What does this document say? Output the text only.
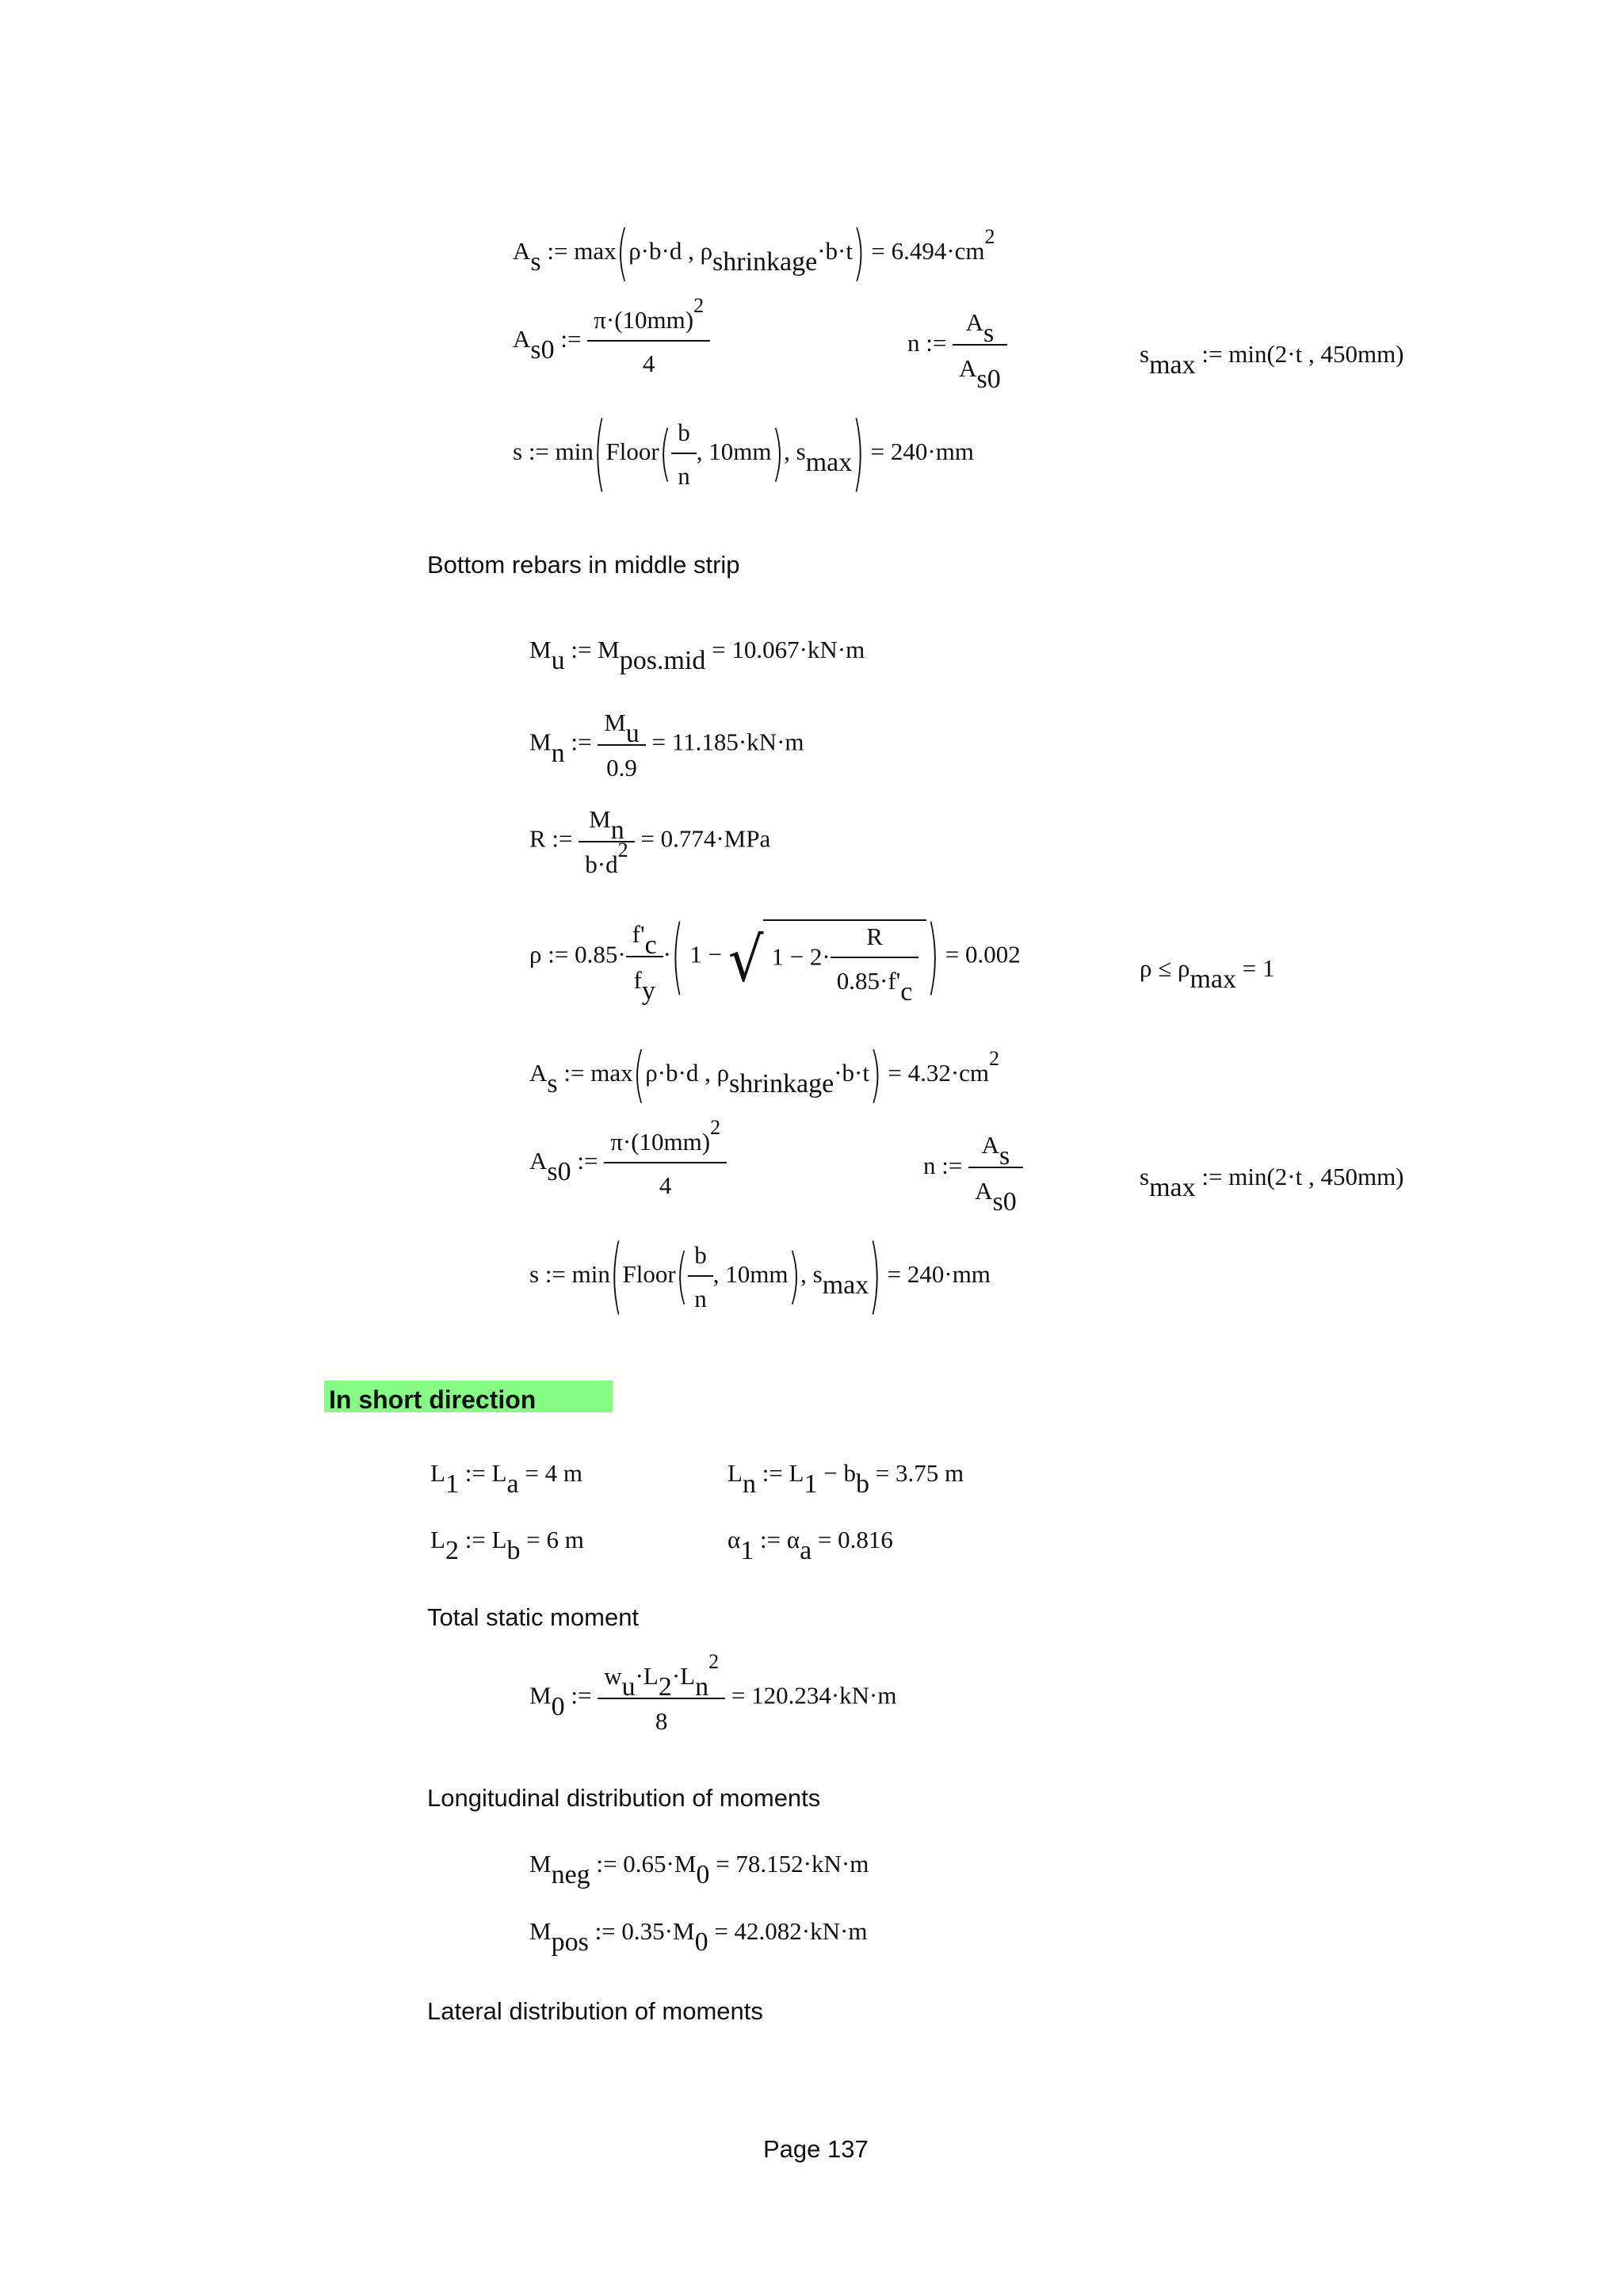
As := max(ρ·b·d , ρshrinkage·b·t) = $6.494\cdot cm^2$
As0 := $\frac{\pi\cdot(10mm)^2}{4}$	n := $\frac{As}{As0}$	smax := min(2·t , 450mm)
s := min(Floor( $\frac{b}{n}$ , 10mm), smax) = 240·mm
Bottom rebars in middle strip
Mu := Mpos.mid = 10.067·kN·m
Mn := $\frac{Mu}{0.9} = 11.185\cdot kN\cdot m$
R := $\frac{Mn}{b\cdot d^2} = 0.774\cdot MPa$
ρ := $0.85\cdot \frac{f'c}{fy}$ ·( 1 − √ $1 - 2\cdot \frac{R}{0.85\cdot f'c}$ ) = 0.002	ρ ≤ ρmax = 1
As := max(ρ·b·d , ρshrinkage·b·t) = $4.32\cdot cm^2$
As0 := $\frac{\pi\cdot(10mm)^2}{4}$	n := $\frac{As}{As0}$	smax := min(2·t , 450mm)
s := min(Floor( $\frac{b}{n}$ , 10mm), smax) = 240·mm
In short direction
L1 := La = 4 m	Ln := L1 − bb = 3.75 m
L2 := Lb = 6 m	α1 := αa = 0.816
Total static moment
M0 := $\frac{wu\cdot L2\cdot Ln^2}{8} = 120.234\cdot kN\cdot m$
Longitudinal distribution of moments
Mneg := 0.65·M0 = 78.152·kN·m
Mpos := 0.35·M0 = 42.082·kN·m
Lateral distribution of moments
Page 137
